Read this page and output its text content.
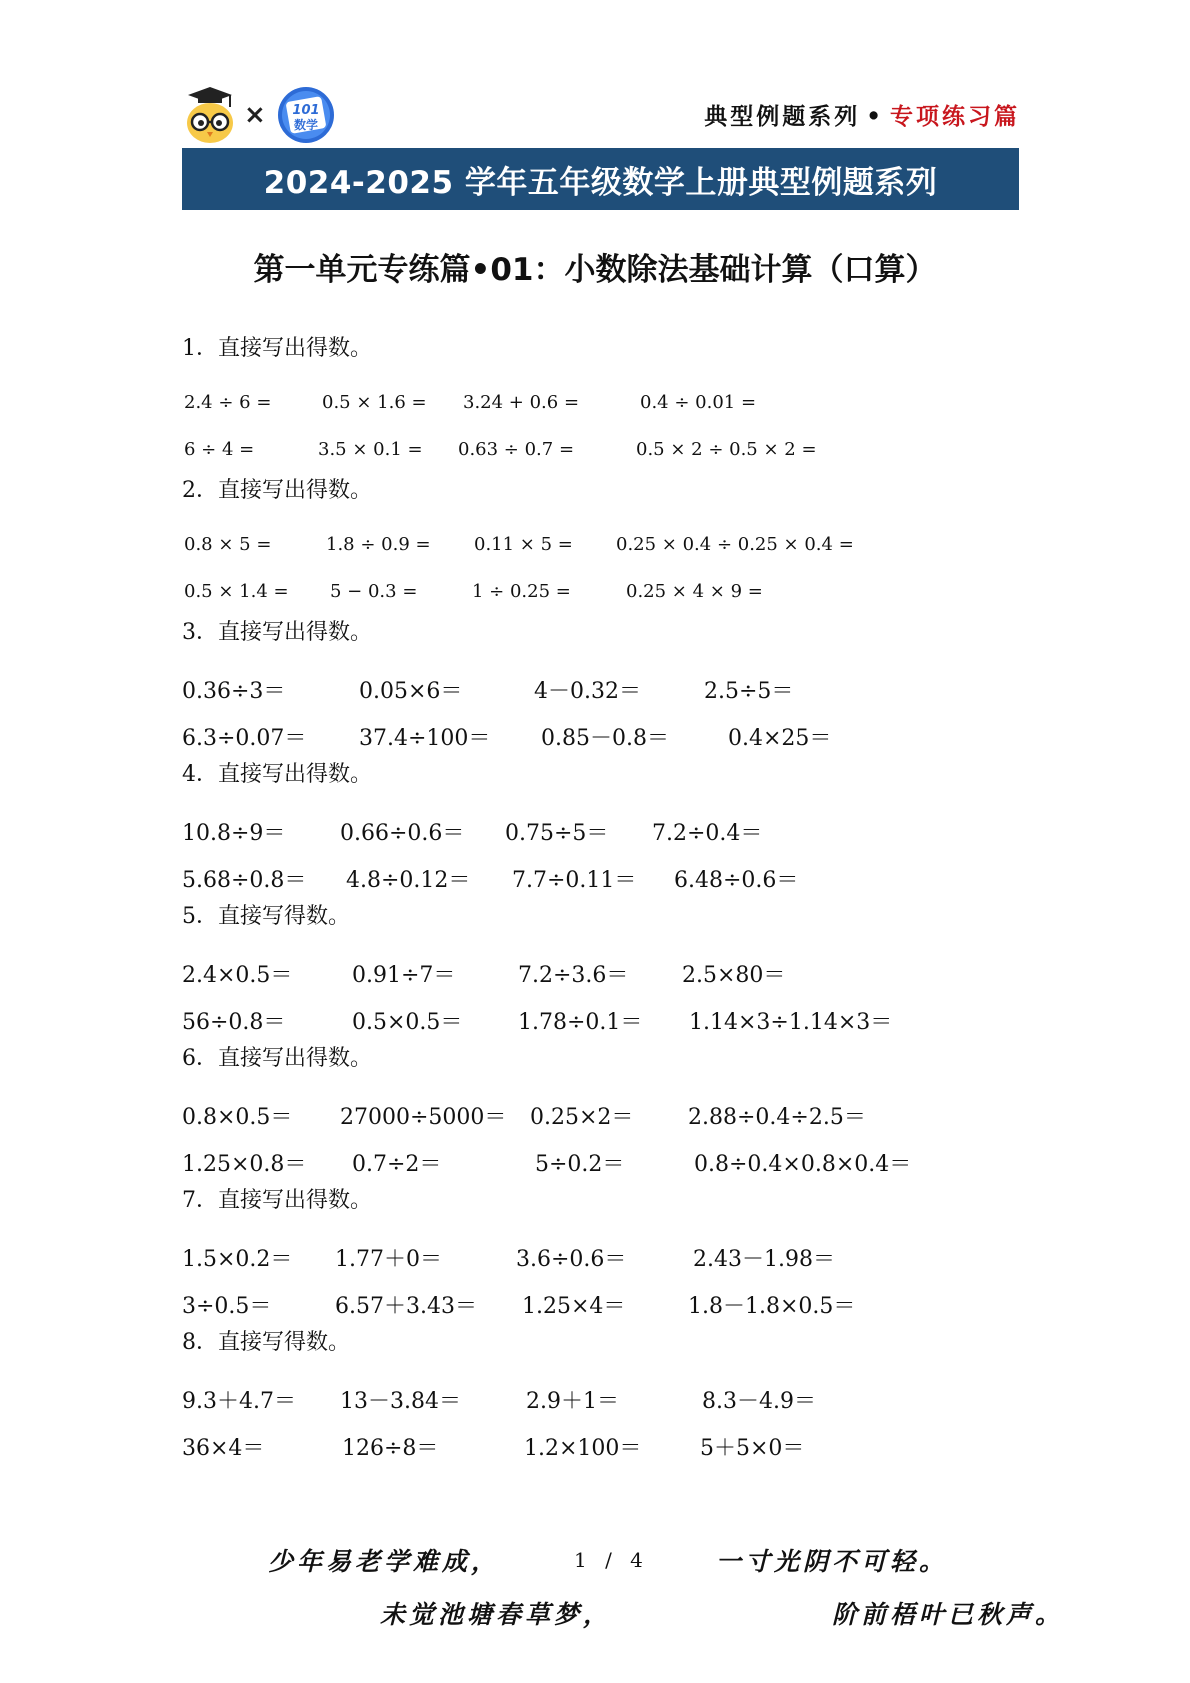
× 101
数学	典型例题系列 • 专项练习篇
2024-2025 学年五年级数学上册典型例题系列
第一单元专练篇•01：小数除法基础计算（口算）
1．直接写出得数。
2.4 ÷ 6 =	0.5 × 1.6 = 3.24 + 0.6 =	0.4 ÷ 0.01 =
6 ÷ 4 =	3.5 × 0.1 = 0.63 ÷ 0.7 =	0.5 × 2 ÷ 0.5 × 2 =
2．直接写出得数。
0.8 × 5 =	1.8 ÷ 0.9 = 0.11 × 5 = 0.25 × 0.4 ÷ 0.25 × 0.4 =
0.5 × 1.4 = 5 − 0.3 =	1 ÷ 0.25 =	0.25 × 4 × 9 =
3．直接写出得数。
0.36÷3＝	0.05×6＝	4－0.32＝	2.5÷5＝
6.3÷0.07＝ 37.4÷100＝ 0.85－0.8＝	0.4×25＝
4．直接写出得数。
10.8÷9＝ 0.66÷0.6＝ 0.75÷5＝ 7.2÷0.4＝
5.68÷0.8＝ 4.8÷0.12＝ 7.7÷0.11＝ 6.48÷0.6＝
5．直接写得数。
2.4×0.5＝	0.91÷7＝	7.2÷3.6＝ 2.5×80＝
56÷0.8＝	0.5×0.5＝	1.78÷0.1＝ 1.14×3÷1.14×3＝
6．直接写出得数。
0.8×0.5＝ 27000÷5000＝ 0.25×2＝ 2.88÷0.4÷2.5＝
1.25×0.8＝ 0.7÷2＝	5÷0.2＝	0.8÷0.4×0.8×0.4＝
7．直接写出得数。
1.5×0.2＝ 1.77＋0＝	3.6÷0.6＝	2.43－1.98＝
3÷0.5＝	6.57＋3.43＝ 1.25×4＝	1.8－1.8×0.5＝
8．直接写得数。
9.3＋4.7＝ 13－3.84＝	2.9＋1＝	8.3－4.9＝
36×4＝	126÷8＝	1.2×100＝	5＋5×0＝
少年易老学难成，	1 / 4	一寸光阴不可轻。
未觉池塘春草梦，	阶前梧叶已秋声。
